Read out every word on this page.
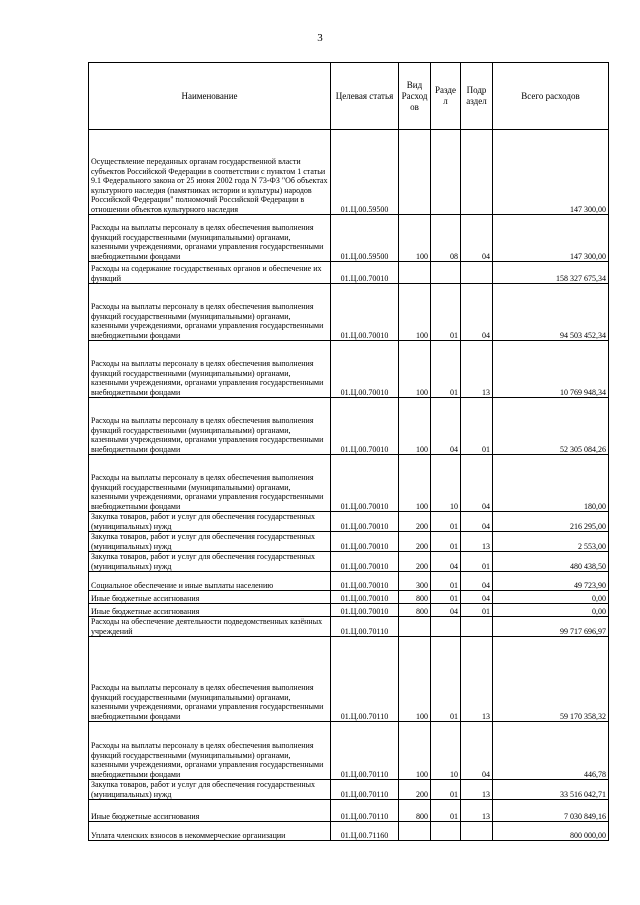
3
Наименование	Целевая статья	Вид Расход ов	Разде л	Подр аздел	Всего расходов
Осуществление переданных органам государственной власти субъектов Российской Федерации в соответствии с пунктом 1 статьи 9.1 Федерального закона от 25 июня 2002 года N 73-ФЗ "Об объектах культурного наследия (памятниках истории и культуры) народов Российской Федерации" полномочий Российской Федерации в отношении объектов культурного наследия	01.Ц.00.59500				147 300,00
Расходы на выплаты персоналу в целях обеспечения выполнения функций государственными (муниципальными) органами, казенными учреждениями, органами управления государственными внебюджетными фондами	01.Ц.00.59500	100	08	04	147 300,00
Расходы на содержание государственных органов и обеспечение их функций	01.Ц.00.70010				158 327 675,34
Расходы на выплаты персоналу в целях обеспечения выполнения функций государственными (муниципальными) органами, казенными учреждениями, органами управления государственными внебюджетными фондами	01.Ц.00.70010	100	01	04	94 503 452,34
Расходы на выплаты персоналу в целях обеспечения выполнения функций государственными (муниципальными) органами, казенными учреждениями, органами управления государственными внебюджетными фондами	01.Ц.00.70010	100	01	13	10 769 948,34
Расходы на выплаты персоналу в целях обеспечения выполнения функций государственными (муниципальными) органами, казенными учреждениями, органами управления государственными внебюджетными фондами	01.Ц.00.70010	100	04	01	52 305 084,26
Расходы на выплаты персоналу в целях обеспечения выполнения функций государственными (муниципальными) органами, казенными учреждениями, органами управления государственными внебюджетными фондами	01.Ц.00.70010	100	10	04	180,00
Закупка товаров, работ и услуг для обеспечения государственных (муниципальных) нужд	01.Ц.00.70010	200	01	04	216 295,00
Закупка товаров, работ и услуг для обеспечения государственных (муниципальных) нужд	01.Ц.00.70010	200	01	13	2 553,00
Закупка товаров, работ и услуг для обеспечения государственных (муниципальных) нужд	01.Ц.00.70010	200	04	01	480 438,50
Социальное обеспечение и иные выплаты населению	01.Ц.00.70010	300	01	04	49 723,90
Иные бюджетные ассигнования	01.Ц.00.70010	800	01	04	0,00
Иные бюджетные ассигнования	01.Ц.00.70010	800	04	01	0,00
Расходы на обеспечение деятельности подведомственных казённых учреждений	01.Ц.00.70110				99 717 696,97
Расходы на выплаты персоналу в целях обеспечения выполнения функций государственными (муниципальными) органами, казенными учреждениями, органами управления государственными внебюджетными фондами	01.Ц.00.70110	100	01	13	59 170 358,32
Расходы на выплаты персоналу в целях обеспечения выполнения функций государственными (муниципальными) органами, казенными учреждениями, органами управления государственными внебюджетными фондами	01.Ц.00.70110	100	10	04	446,78
Закупка товаров, работ и услуг для обеспечения государственных (муниципальных) нужд	01.Ц.00.70110	200	01	13	33 516 042,71
Иные бюджетные ассигнования	01.Ц.00.70110	800	01	13	7 030 849,16
Уплата членских взносов в некоммерческие организации	01.Ц.00.71160				800 000,00
